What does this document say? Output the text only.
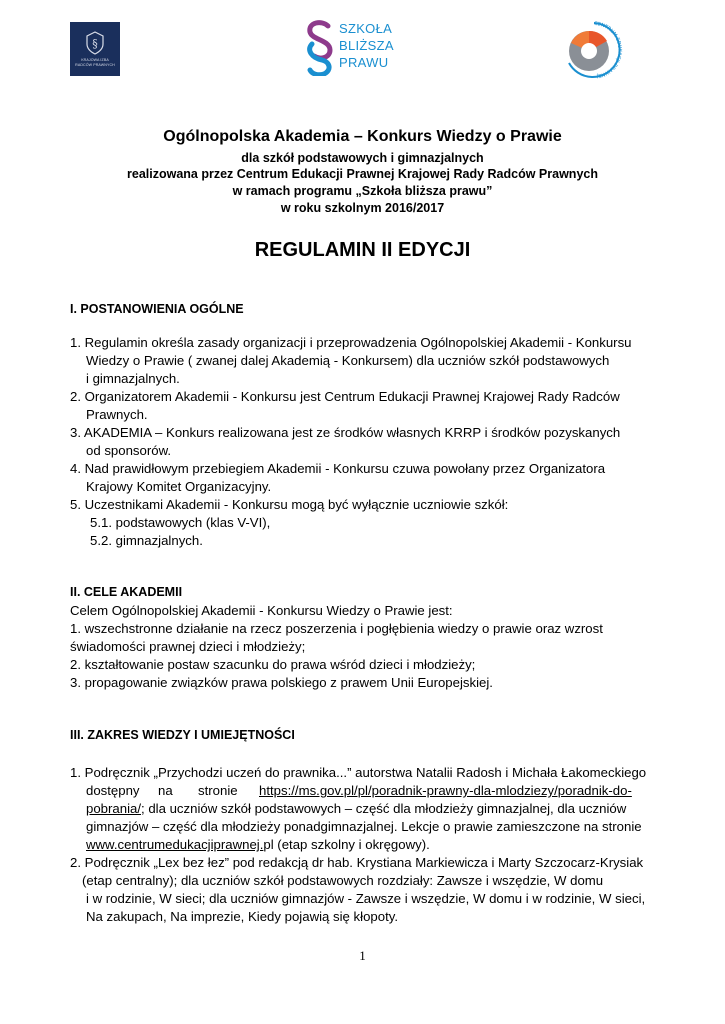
§
KRAJOWA IZBA
RADCÓW PRAWNYCH
SZKOŁA
BLIŻSZA
PRAWU
CENTRUM EDUKACJI PRAWNEJ
Ogólnopolska Akademia – Konkurs Wiedzy o Prawie
dla szkół podstawowych i gimnazjalnych
realizowana przez Centrum Edukacji Prawnej Krajowej Rady Radców Prawnych
w ramach programu „Szkoła bliższa prawu”
w roku szkolnym 2016/2017
REGULAMIN II EDYCJI
I. POSTANOWIENIA OGÓLNE
1. Regulamin określa zasady organizacji i przeprowadzenia Ogólnopolskiej Akademii - Konkursu
Wiedzy o Prawie ( zwanej dalej Akademią - Konkursem) dla uczniów szkół podstawowych
i gimnazjalnych.
2. Organizatorem Akademii - Konkursu jest Centrum Edukacji Prawnej Krajowej Rady Radców
Prawnych.
3. AKADEMIA – Konkurs realizowana jest ze środków własnych KRRP i środków pozyskanych
od sponsorów.
4. Nad prawidłowym przebiegiem Akademii - Konkursu czuwa powołany przez Organizatora
Krajowy Komitet Organizacyjny.
5. Uczestnikami Akademii - Konkursu mogą być wyłącznie uczniowie szkół:
5.1. podstawowych (klas V-VI),
5.2. gimnazjalnych.
II. CELE AKADEMII
Celem Ogólnopolskiej Akademii - Konkursu Wiedzy o Prawie jest:
1. wszechstronne działanie na rzecz poszerzenia i pogłębienia wiedzy o prawie oraz wzrost
świadomości prawnej dzieci i młodzieży;
2. kształtowanie postaw szacunku do prawa wśród dzieci i młodzieży;
3. propagowanie związków prawa polskiego z prawem Unii Europejskiej.
III. ZAKRES WIEDZY I UMIEJĘTNOŚCI
1. Podręcznik „Przychodzi uczeń do prawnika...” autorstwa Natalii Radosh i Michała Łakomeckiego
dostępny na stronie https://ms.gov.pl/pl/poradnik-prawny-dla-mlodziezy/poradnik-do-
pobrania/; dla uczniów szkół podstawowych – część dla młodzieży gimnazjalnej, dla uczniów
gimnazjów – część dla młodzieży ponadgimnazjalnej. Lekcje o prawie zamieszczone na stronie
www.centrumedukacjiprawnej.pl (etap szkolny i okręgowy).
2. Podręcznik „Lex bez łez” pod redakcją dr hab. Krystiana Markiewicza i Marty Szczocarz-Krysiak
(etap centralny); dla uczniów szkół podstawowych rozdziały: Zawsze i wszędzie, W domu
i w rodzinie, W sieci; dla uczniów gimnazjów - Zawsze i wszędzie, W domu i w rodzinie, W sieci,
Na zakupach, Na imprezie, Kiedy pojawią się kłopoty.
1
